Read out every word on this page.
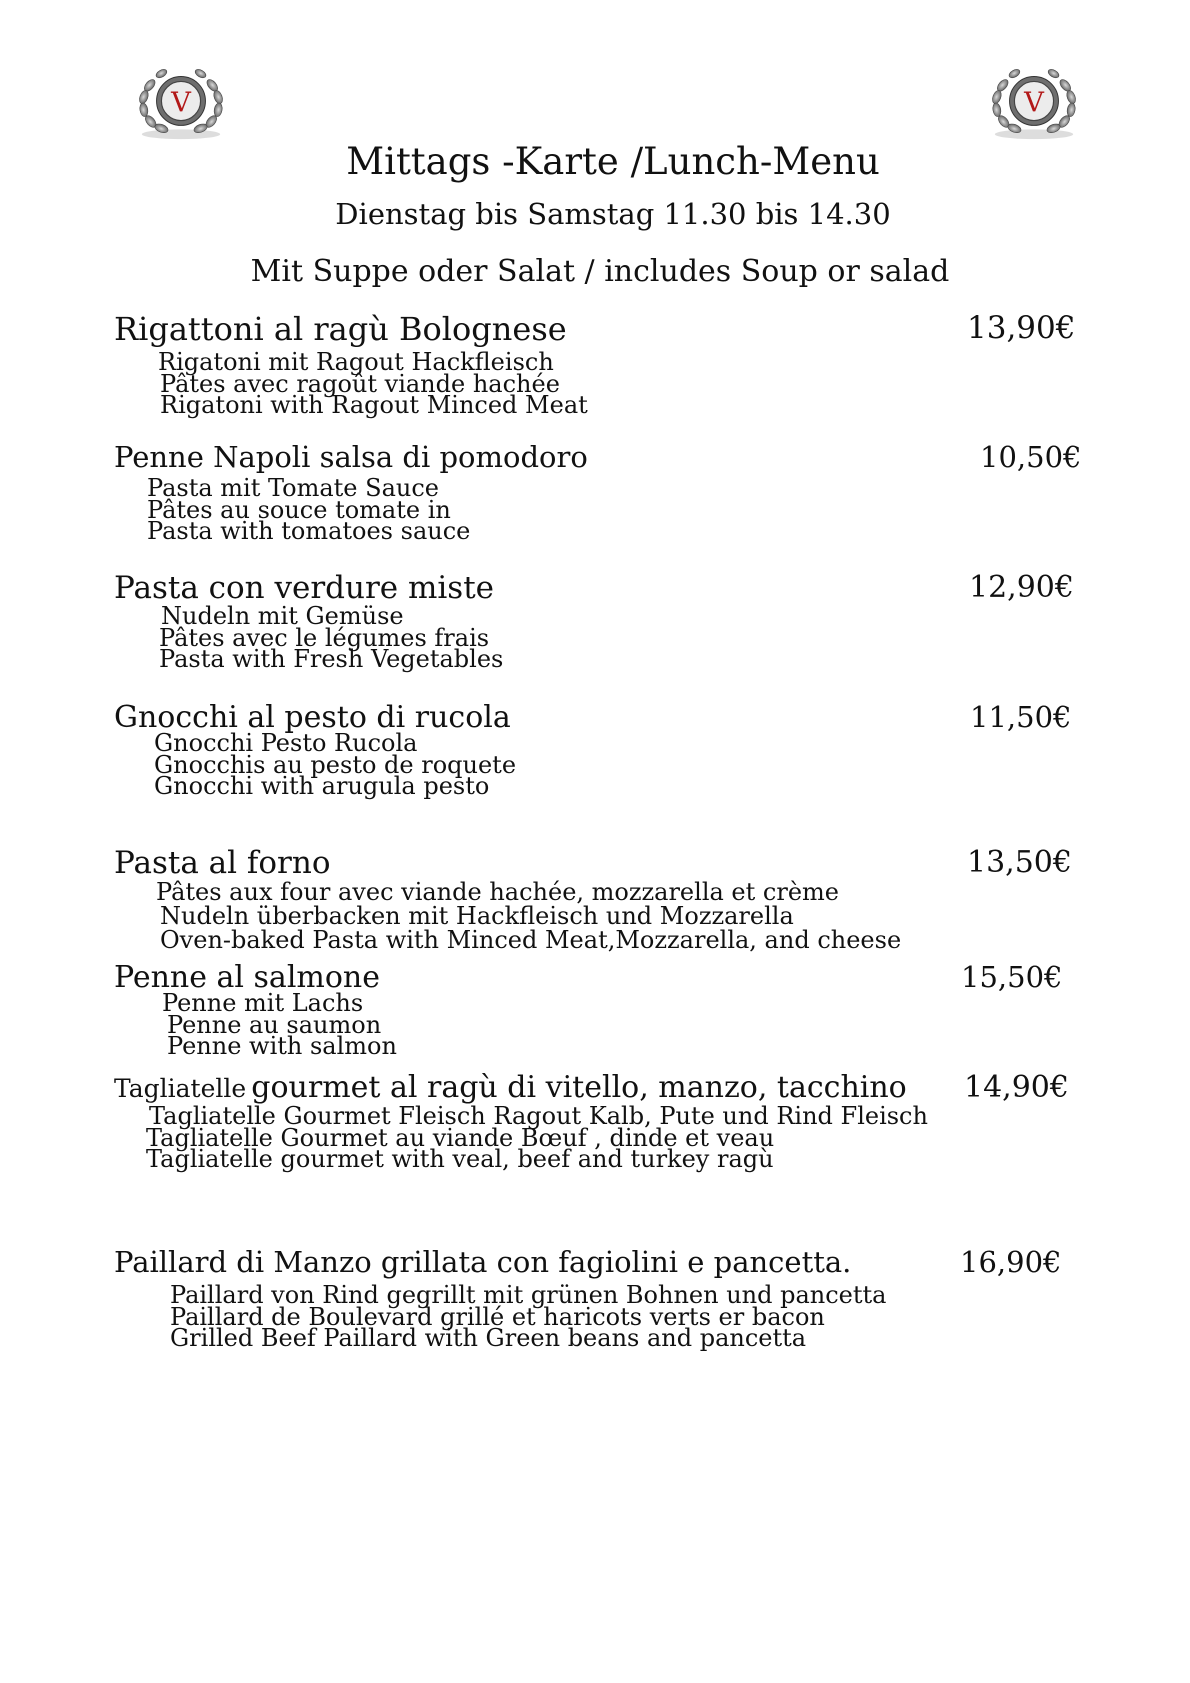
V	V
Mittags -Karte /Lunch-Menu
Dienstag bis Samstag 11.30 bis 14.30
Mit Suppe oder Salat / includes Soup or salad
Rigattoni al ragù Bolognese	13,90€
Rigatoni mit Ragout Hackfleisch
Pâtes avec ragoût viande hachée
Rigatoni with Ragout Minced Meat
Penne Napoli salsa di pomodoro	10,50€
Pasta mit Tomate Sauce
Pâtes au souce tomate in
Pasta with tomatoes sauce
Pasta con verdure miste	12,90€
Nudeln mit Gemüse
Pâtes avec le légumes frais
Pasta with Fresh Vegetables
Gnocchi al pesto di rucola	11,50€
Gnocchi Pesto Rucola
Gnocchis au pesto de roquete
Gnocchi with arugula pesto
Pasta al forno	13,50€
Pâtes aux four avec viande hachée, mozzarella et crème
Nudeln überbacken mit Hackfleisch und Mozzarella
Oven-baked Pasta with Minced Meat,Mozzarella, and cheese
Penne al salmone	15,50€
Penne mit Lachs
Penne au saumon
Penne with salmon
Tagliatelle gourmet al ragù di vitello, manzo, tacchino 14,90€
Tagliatelle Gourmet Fleisch Ragout Kalb, Pute und Rind Fleisch
Tagliatelle Gourmet au viande Bœuf , dinde et veau
Tagliatelle gourmet with veal, beef and turkey ragù
Paillard di Manzo grillata con fagiolini e pancetta.	16,90€
Paillard von Rind gegrillt mit grünen Bohnen und pancetta
Paillard de Boulevard grillé et haricots verts er bacon
Grilled Beef Paillard with Green beans and pancetta
